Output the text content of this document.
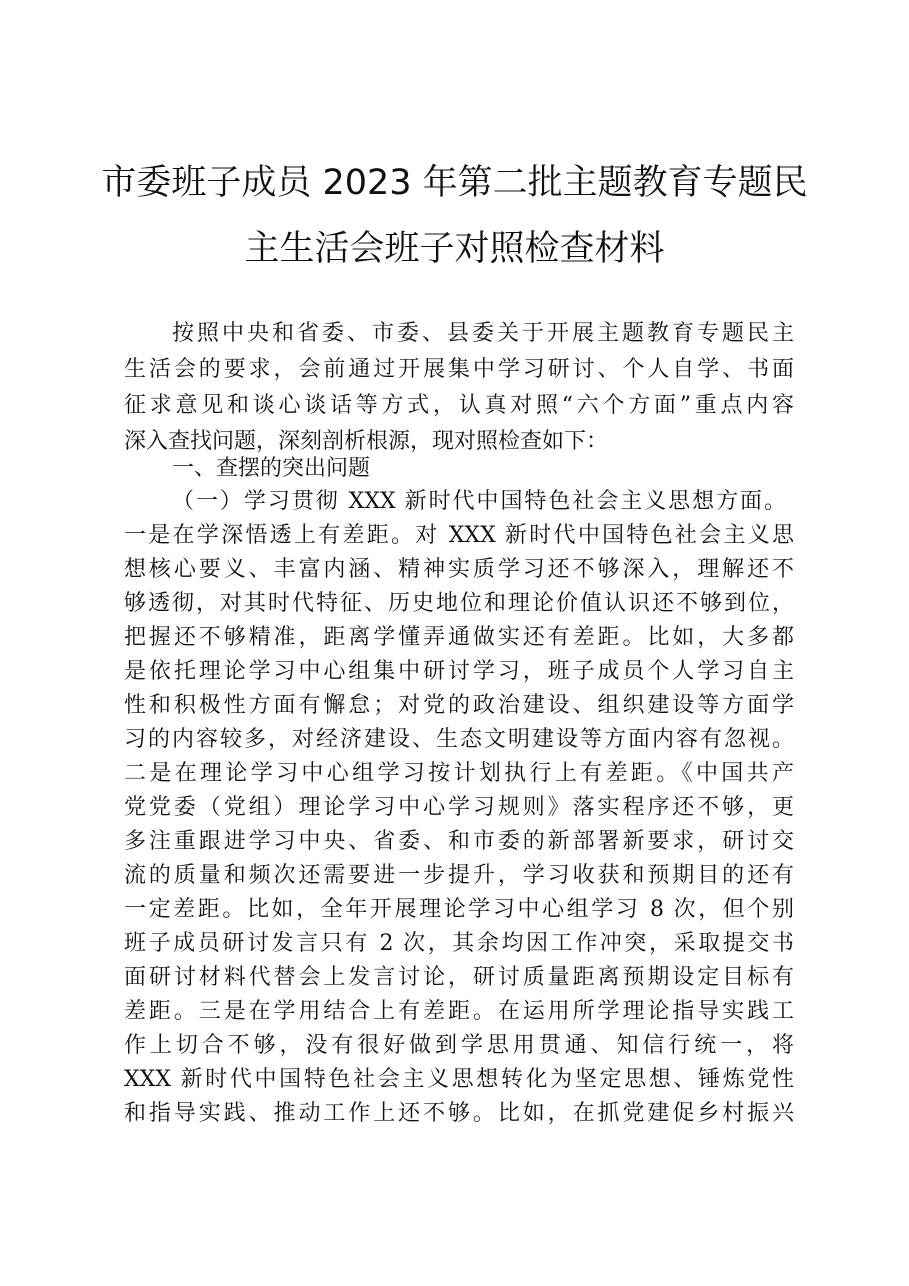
市委班子成员 2023 年第二批主题教育专题民
主生活会班子对照检查材料
按照中央和省委、市委、县委关于开展主题教育专题民主
生活会的要求，会前通过开展集中学习研讨、个人自学、书面
征求意见和谈心谈话等方式，认真对照“六个方面”重点内容
深入查找问题，深刻剖析根源，现对照检查如下：
一、查摆的突出问题
（一）学习贯彻 XXX 新时代中国特色社会主义思想方面。
一是在学深悟透上有差距。对 XXX 新时代中国特色社会主义思
想核心要义、丰富内涵、精神实质学习还不够深入，理解还不
够透彻，对其时代特征、历史地位和理论价值认识还不够到位，
把握还不够精准，距离学懂弄通做实还有差距。比如，大多都
是依托理论学习中心组集中研讨学习，班子成员个人学习自主
性和积极性方面有懈怠；对党的政治建设、组织建设等方面学
习的内容较多，对经济建设、生态文明建设等方面内容有忽视。
二是在理论学习中心组学习按计划执行上有差距。《中国共产
党党委（党组）理论学习中心学习规则》落实程序还不够，更
多注重跟进学习中央、省委、和市委的新部署新要求，研讨交
流的质量和频次还需要进一步提升，学习收获和预期目的还有
一定差距。比如，全年开展理论学习中心组学习 8 次，但个别
班子成员研讨发言只有 2 次，其余均因工作冲突，采取提交书
面研讨材料代替会上发言讨论，研讨质量距离预期设定目标有
差距。三是在学用结合上有差距。在运用所学理论指导实践工
作上切合不够，没有很好做到学思用贯通、知信行统一，将
XXX 新时代中国特色社会主义思想转化为坚定思想、锤炼党性
和指导实践、推动工作上还不够。比如，在抓党建促乡村振兴
